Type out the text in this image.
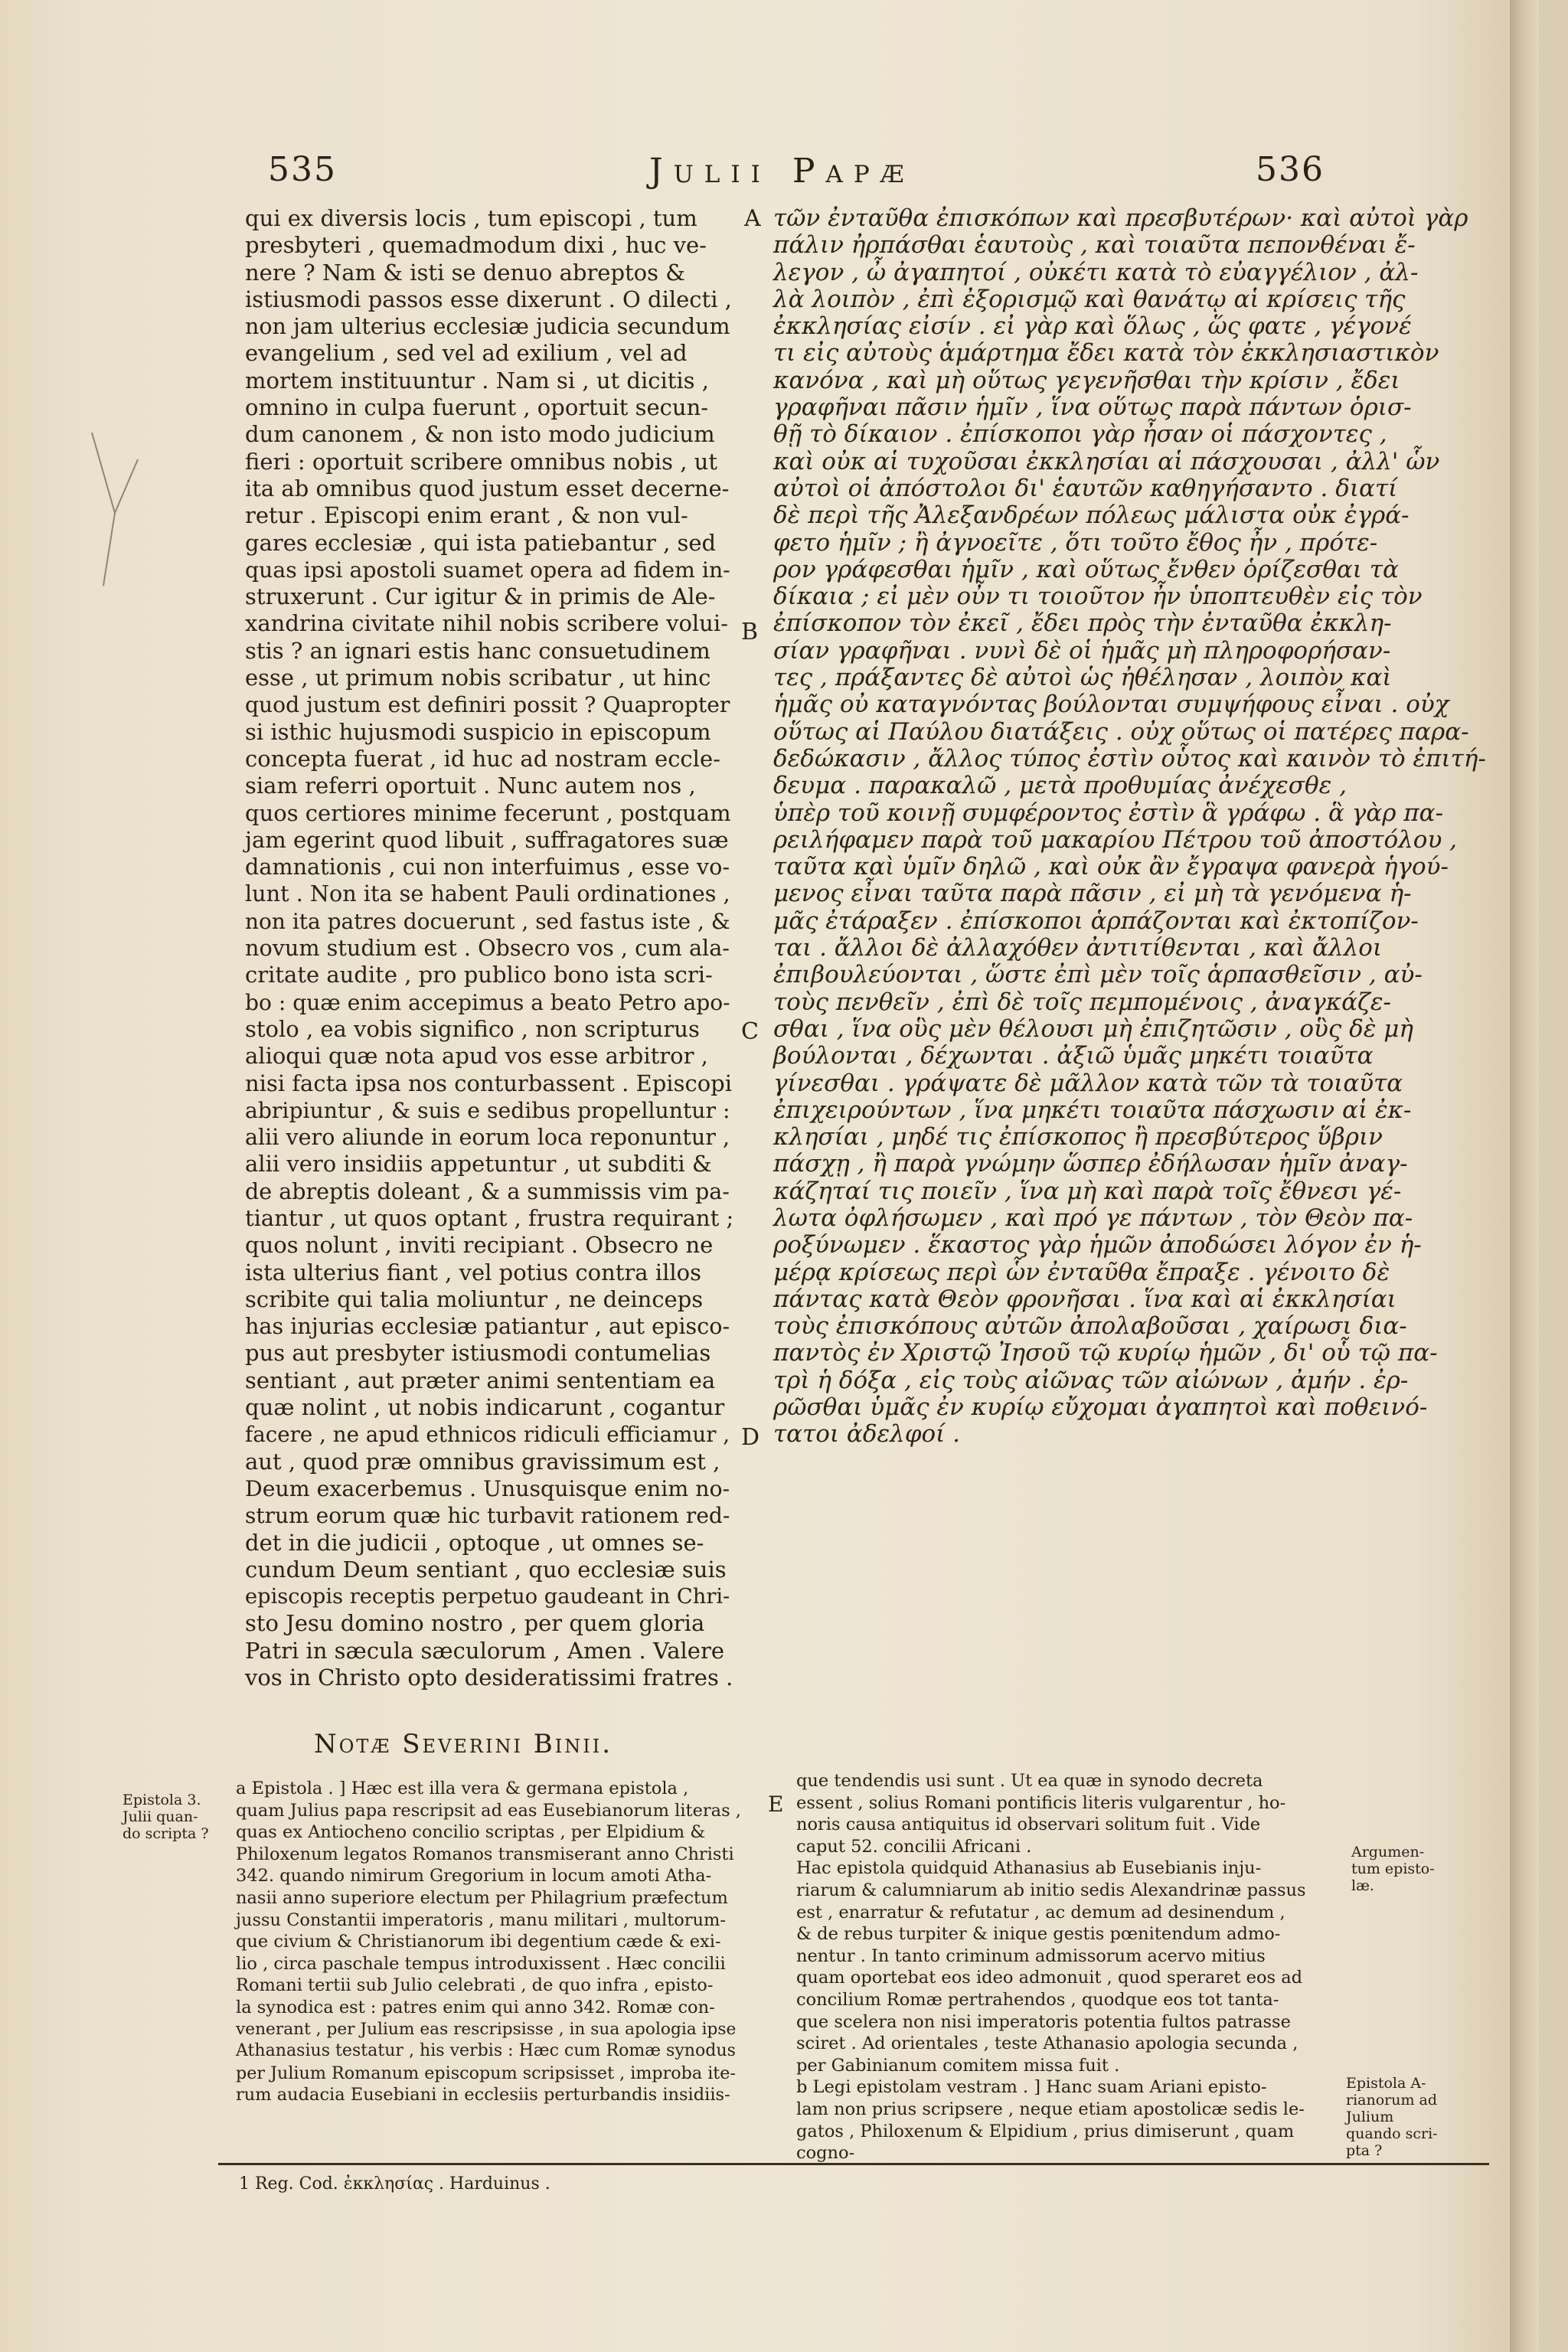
535	Julii Papæ	536

qui ex diversis locis , tum episcopi , tum

presbyteri , quemadmodum dixi , huc ve-

nere ? Nam & isti se denuo abreptos &

istiusmodi passos esse dixerunt . O dilecti ,

non jam ulterius ecclesiæ judicia secundum

evangelium , sed vel ad exilium , vel ad

mortem instituuntur . Nam si , ut dicitis ,

omnino in culpa fuerunt , oportuit secun-

dum canonem , & non isto modo judicium

fieri : oportuit scribere omnibus nobis , ut

ita ab omnibus quod justum esset decerne-

retur . Episcopi enim erant , & non vul-

gares ecclesiæ , qui ista patiebantur , sed

quas ipsi apostoli suamet opera ad fidem in-

struxerunt . Cur igitur & in primis de Ale-

xandrina civitate nihil nobis scribere volui-

stis ? an ignari estis hanc consuetudinem

esse , ut primum nobis scribatur , ut hinc

quod justum est definiri possit ? Quapropter

si isthic hujusmodi suspicio in episcopum

concepta fuerat , id huc ad nostram eccle-

siam referri oportuit . Nunc autem nos ,

quos certiores minime fecerunt , postquam

jam egerint quod libuit , suffragatores suæ

damnationis , cui non interfuimus , esse vo-

lunt . Non ita se habent Pauli ordinationes ,

non ita patres docuerunt , sed fastus iste , &

novum studium est . Obsecro vos , cum ala-

critate audite , pro publico bono ista scri-

bo : quæ enim accepimus a beato Petro apo-

stolo , ea vobis significo , non scripturus

alioqui quæ nota apud vos esse arbitror ,

nisi facta ipsa nos conturbassent . Episcopi

abripiuntur , & suis e sedibus propelluntur :

alii vero aliunde in eorum loca reponuntur ,

alii vero insidiis appetuntur , ut subditi &

de abreptis doleant , & a summissis vim pa-

tiantur , ut quos optant , frustra requirant ;

quos nolunt , inviti recipiant . Obsecro ne

ista ulterius fiant , vel potius contra illos

scribite qui talia moliuntur , ne deinceps

has injurias ecclesiæ patiantur , aut episco-

pus aut presbyter istiusmodi contumelias

sentiant , aut præter animi sententiam ea

quæ nolint , ut nobis indicarunt , cogantur

facere , ne apud ethnicos ridiculi efficiamur ,

aut , quod præ omnibus gravissimum est ,

Deum exacerbemus . Unusquisque enim no-

strum eorum quæ hic turbavit rationem red-

det in die judicii , optoque , ut omnes se-

cundum Deum sentiant , quo ecclesiæ suis

episcopis receptis perpetuo gaudeant in Chri-

sto Jesu domino nostro , per quem gloria

Patri in sæcula sæculorum , Amen . Valere

vos in Christo opto desideratissimi fratres .

τῶν ἐνταῦθα ἐπισκόπων καὶ πρεσβυτέρων· καὶ αὐτοὶ γὰρ

πάλιν ἠρπάσθαι ἑαυτοὺς , καὶ τοιαῦτα πεπονθέναι ἔ-

λεγον , ὦ ἀγαπητοί , οὐκέτι κατὰ τὸ εὐαγγέλιον , ἀλ-

λὰ λοιπὸν , ἐπὶ ἐξορισμῷ καὶ θανάτῳ αἱ κρίσεις τῆς

ἐκκλησίας εἰσίν . εἰ γὰρ καὶ ὅλως , ὥς φατε , γέγονέ

τι εἰς αὐτοὺς ἁμάρτημα ἔδει κατὰ τὸν ἐκκλησιαστικὸν

κανόνα , καὶ μὴ οὕτως γεγενῆσθαι τὴν κρίσιν , ἔδει

γραφῆναι πᾶσιν ἡμῖν , ἵνα οὕτως παρὰ πάντων ὁρισ-

θῇ τὸ δίκαιον . ἐπίσκοποι γὰρ ἦσαν οἱ πάσχοντες ,

καὶ οὐκ αἱ τυχοῦσαι ἐκκλησίαι αἱ πάσχουσαι , ἀλλ' ὧν

αὐτοὶ οἱ ἀπόστολοι δι' ἑαυτῶν καθηγήσαντο . διατί

δὲ περὶ τῆς Ἀλεξανδρέων πόλεως μάλιστα οὐκ ἐγρά-

φετο ἡμῖν ; ἢ ἀγνοεῖτε , ὅτι τοῦτο ἔθος ἦν , πρότε-

ρον γράφεσθαι ἡμῖν , καὶ οὕτως ἔνθεν ὁρίζεσθαι τὰ

δίκαια ; εἰ μὲν οὖν τι τοιοῦτον ἦν ὑποπτευθὲν εἰς τὸν

ἐπίσκοπον τὸν ἐκεῖ , ἔδει πρὸς τὴν ἐνταῦθα ἐκκλη-

σίαν γραφῆναι . νυνὶ δὲ οἱ ἡμᾶς μὴ πληροφορήσαν-

τες , πράξαντες δὲ αὐτοὶ ὡς ἠθέλησαν , λοιπὸν καὶ

ἡμᾶς οὐ καταγνόντας βούλονται συμψήφους εἶναι . οὐχ

οὕτως αἱ Παύλου διατάξεις . οὐχ οὕτως οἱ πατέρες παρα-

δεδώκασιν , ἄλλος τύπος ἐστὶν οὗτος καὶ καινὸν τὸ ἐπιτή-

δευμα . παρακαλῶ , μετὰ προθυμίας ἀνέχεσθε ,

ὑπὲρ τοῦ κοινῇ συμφέροντος ἐστὶν ἃ γράφω . ἃ γὰρ πα-

ρειλήφαμεν παρὰ τοῦ μακαρίου Πέτρου τοῦ ἀποστόλου ,

ταῦτα καὶ ὑμῖν δηλῶ , καὶ οὐκ ἂν ἔγραψα φανερὰ ἡγού-

μενος εἶναι ταῦτα παρὰ πᾶσιν , εἰ μὴ τὰ γενόμενα ἡ-

μᾶς ἐτάραξεν . ἐπίσκοποι ἁρπάζονται καὶ ἐκτοπίζον-

ται . ἄλλοι δὲ ἀλλαχόθεν ἀντιτίθενται , καὶ ἄλλοι

ἐπιβουλεύονται , ὥστε ἐπὶ μὲν τοῖς ἁρπασθεῖσιν , αὐ-

τοὺς πενθεῖν , ἐπὶ δὲ τοῖς πεμπομένοις , ἀναγκάζε-

σθαι , ἵνα οὓς μὲν θέλουσι μὴ ἐπιζητῶσιν , οὓς δὲ μὴ

βούλονται , δέχωνται . ἀξιῶ ὑμᾶς μηκέτι τοιαῦτα

γίνεσθαι . γράψατε δὲ μᾶλλον κατὰ τῶν τὰ τοιαῦτα

ἐπιχειρούντων , ἵνα μηκέτι τοιαῦτα πάσχωσιν αἱ ἐκ-

κλησίαι , μηδέ τις ἐπίσκοπος ἢ πρεσβύτερος ὕβριν

πάσχῃ , ἢ παρὰ γνώμην ὥσπερ ἐδήλωσαν ἡμῖν ἀναγ-

κάζηταί τις ποιεῖν , ἵνα μὴ καὶ παρὰ τοῖς ἔθνεσι γέ-

λωτα ὀφλήσωμεν , καὶ πρό γε πάντων , τὸν Θεὸν πα-

ροξύνωμεν . ἕκαστος γὰρ ἡμῶν ἀποδώσει λόγον ἐν ἡ-

μέρᾳ κρίσεως περὶ ὧν ἐνταῦθα ἔπραξε . γένοιτο δὲ

πάντας κατὰ Θεὸν φρονῆσαι . ἵνα καὶ αἱ ἐκκλησίαι

τοὺς ἐπισκόπους αὐτῶν ἀπολαβοῦσαι , χαίρωσι δια-

παντὸς ἐν Χριστῷ Ἰησοῦ τῷ κυρίῳ ἡμῶν , δι' οὗ τῷ πα-

τρὶ ἡ δόξα , εἰς τοὺς αἰῶνας τῶν αἰώνων , ἀμήν . ἐρ-

ρῶσθαι ὑμᾶς ἐν κυρίῳ εὔχομαι ἀγαπητοὶ καὶ ποθεινό-

τατοι ἀδελφοί .

A
B
C
D
Notæ Severini Binii.
Epistola 3.
Julii quan-
do scripta ?
Argumen-
tum episto-
læ.
Epistola A-
rianorum ad
Julium
quando scri-
pta ?

a Epistola . ] Hæc est illa vera & germana epistola ,

quam Julius papa rescripsit ad eas Eusebianorum literas ,

quas ex Antiocheno concilio scriptas , per Elpidium &

Philoxenum legatos Romanos transmiserant anno Christi

342. quando nimirum Gregorium in locum amoti Atha-

nasii anno superiore electum per Philagrium præfectum

jussu Constantii imperatoris , manu militari , multorum-

que civium & Christianorum ibi degentium cæde & exi-

lio , circa paschale tempus introduxissent . Hæc concilii

Romani tertii sub Julio celebrati , de quo infra , episto-

la synodica est : patres enim qui anno 342. Romæ con-

venerant , per Julium eas rescripsisse , in sua apologia ipse

Athanasius testatur , his verbis : Hæc cum Romæ synodus

per Julium Romanum episcopum scripsisset , improba ite-

rum audacia Eusebiani in ecclesiis perturbandis insidiis-

E

que tendendis usi sunt . Ut ea quæ in synodo decreta

essent , solius Romani pontificis literis vulgarentur , ho-

noris causa antiquitus id observari solitum fuit . Vide

caput 52. concilii Africani .

Hac epistola quidquid Athanasius ab Eusebianis inju-

riarum & calumniarum ab initio sedis Alexandrinæ passus

est , enarratur & refutatur , ac demum ad desinendum ,

& de rebus turpiter & inique gestis pœnitendum admo-

nentur . In tanto criminum admissorum acervo mitius

quam oportebat eos ideo admonuit , quod speraret eos ad

concilium Romæ pertrahendos , quodque eos tot tanta-

que scelera non nisi imperatoris potentia fultos patrasse

sciret . Ad orientales , teste Athanasio apologia secunda ,

per Gabinianum comitem missa fuit .

b Legi epistolam vestram . ] Hanc suam Ariani episto-

lam non prius scripsere , neque etiam apostolicæ sedis le-

gatos , Philoxenum & Elpidium , prius dimiserunt , quam

cogno-

1 Reg. Cod. ἐκκλησίας . Harduinus .
